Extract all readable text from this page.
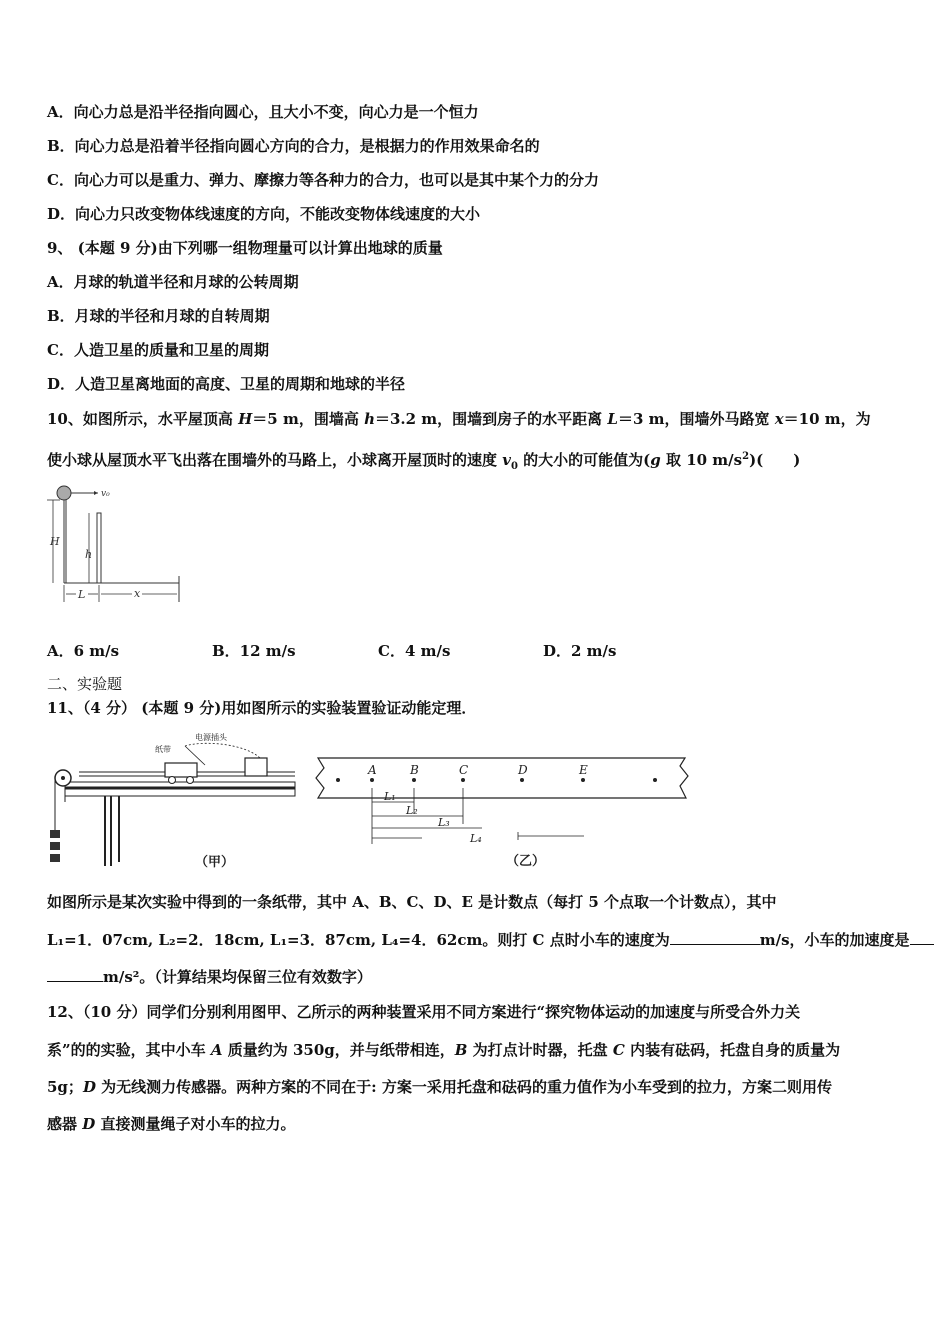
A．向心力总是沿半径指向圆心，且大小不变，向心力是一个恒力
B．向心力总是沿着半径指向圆心方向的合力，是根据力的作用效果命名的
C．向心力可以是重力、弹力、摩擦力等各种力的合力，也可以是其中某个力的分力
D．向心力只改变物体线速度的方向，不能改变物体线速度的大小
9、 (本题 9 分)由下列哪一组物理量可以计算出地球的质量
A．月球的轨道半径和月球的公转周期
B．月球的半径和月球的自转周期
C．人造卫星的质量和卫星的周期
D．人造卫星离地面的高度、卫星的周期和地球的半径
10、如图所示，水平屋顶高 H＝5 m，围墙高 h＝3.2 m，围墙到房子的水平距离 L＝3 m，围墙外马路宽 x＝10 m，为
使小球从屋顶水平飞出落在围墙外的马路上，小球离开屋顶时的速度 $v_0$ 的大小的可能值为(g 取 10 $m/s^2$)(　　)
v₀
H
h
L	x
A．6 m/s	B．12 m/s	C．4 m/s	D．2 m/s
二、实验题
11、（4 分） (本题 9 分)用如图所示的实验装置验证动能定理．
纸带
电源插头
（甲）
A	B	C	D	E
L₁
L₂
L₃
L₄
（乙）
如图所示是某次实验中得到的一条纸带，其中 A、B、C、D、E 是计数点（每打 5 个点取一个计数点），其中
L₁=1．07cm, L₂=2．18cm, L₁=3．87cm, L₄=4．62cm。则打 C 点时小车的速度为	m/s，小车的加速度是
m/s²。（计算结果均保留三位有效数字）
12、（10 分）同学们分别利用图甲、乙所示的两种装置采用不同方案进行“探究物体运动的加速度与所受合外力关
系”的的实验，其中小车 A 质量约为 350g，并与纸带相连，B 为打点计时器，托盘 C 内装有砝码，托盘自身的质量为
5g；D 为无线测力传感器。两种方案的不同在于: 方案一采用托盘和砝码的重力值作为小车受到的拉力，方案二则用传
感器 D 直接测量绳子对小车的拉力。
